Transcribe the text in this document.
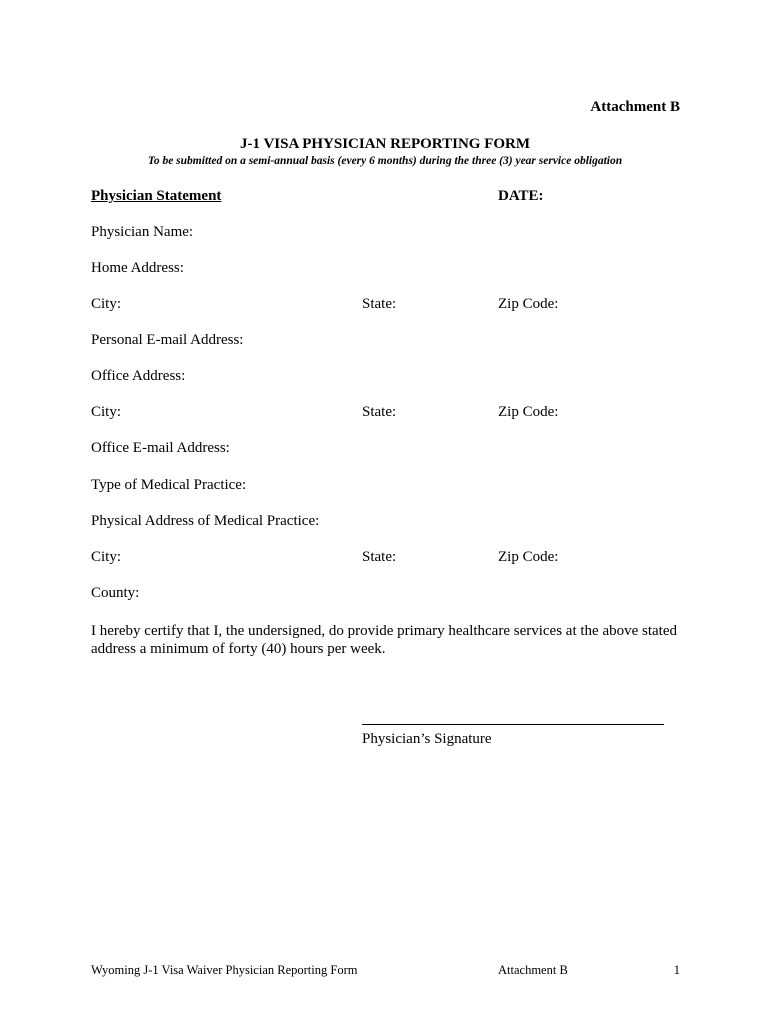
Attachment B
J-1 VISA PHYSICIAN REPORTING FORM
To be submitted on a semi-annual basis (every 6 months) during the three (3) year service obligation
Physician Statement	DATE:
Physician Name:
Home Address:
City:	State:	Zip Code:
Personal E-mail Address:
Office Address:
City:	State:	Zip Code:
Office E-mail Address:
Type of Medical Practice:
Physical Address of Medical Practice:
City:	State:	Zip Code:
County:
I hereby certify that I, the undersigned, do provide primary healthcare services at the above stated address a minimum of forty (40) hours per week.
Physician’s Signature
Wyoming J-1 Visa Waiver Physician Reporting Form	Attachment B	1
